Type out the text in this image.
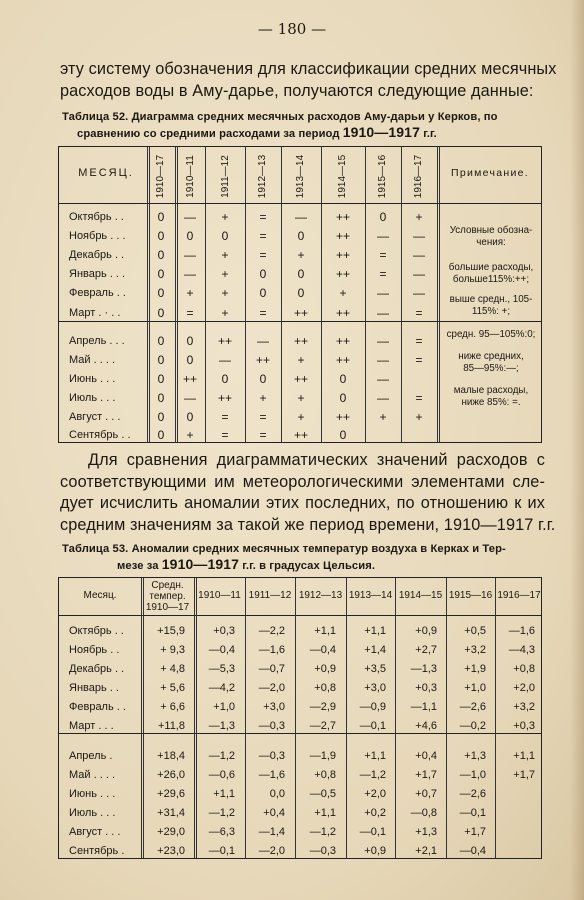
— 180 —
эту систему обозначения для классификации средних месячных
расходов воды в Аму-дарье, получаются следующие данные:
Таблица 52. Диаграмма средних месячных расходов Аму-дарьи у Керков, по
сравнению со средними расходами за период 1910—1917 г.г.
МЕСЯЦ.	Примечание.
1910—17 1910—11 1911—12	1912—13	1913—14	1914—15	1915—16	1916—17
Октябрь . .	0	—	+	=	—	++	0	+
Ноябрь . . .	0	0	0	=	0	++	—	—
Декабрь . .	0	—	+	=	+	++	=	—
Январь . . .	0	—	+	0	0	++	=	—
Февраль . .	0	+	+	0	0	+	—	—
Март . · . .	0	=	+	=	++	++	—	=
Апрель . . .	0	0	++	—	++	++	—	=
Май . . . .	0	0	—	++	+	++	—	=
Июнь . . .	0	++	0	0	++	0	—
Июль . . .	0	—	++	+	+	0	—	=
Август . . .	0	0	=	=	+	++	+	+
Сентябрь . .	0	+	=	=	++	0
Условные обозна-
чения:
большие расходы,
больше115%:++;
выше средн., 105-
115%: +;
средн. 95—105%:0;
ниже средних,
85—95%:—;
малые расходы,
ниже 85%: =.
Для сравнения диаграмматических значений расходов с
соответствующими им метеорологическими элементами сле-
дует исчислить аномалии этих последних, по отношению к их
средним значениям за такой же период времени, 1910—1917 г.г.
Таблица 53. Аномалии средних месячных температур воздуха в Керках и Тер-
мезе за 1910—1917 г.г. в градусах Цельсия.
Месяц.
Средн.
темпер.
1910—17
1910—11 1911—12 1912—13 1913—14 1914—15 1915—16 1916—17
Октябрь . .	+15,9	+0,3 —2,2	+1,1	+1,1	+0,9 +0,5 —1,6
Ноябрь . .	+ 9,3 —0,4 —1,6 —0,4	+1,4	+2,7 +3,2 —4,3
Декабрь . .	+ 4,8 —5,3 —0,7	+0,9	+3,5 —1,3 +1,9 +0,8
Январь . .	+ 5,6 —4,2 —2,0	+0,8	+3,0	+0,3 +1,0 +2,0
Февраль . .	+ 6,6	+1,0	+3,0 —2,9 —0,9 —1,1 —2,6 +3,2
Март . . .	+11,8 —1,3 —0,3 —2,7 —0,1	+4,6 —0,2 +0,3
Апрель .	+18,4 —1,2 —0,3 —1,9	+1,1	+0,4 +1,3 +1,1
Май . . . .	+26,0 —0,6 —1,6	+0,8 —1,2	+1,7 —1,0 +1,7
Июнь . . .	+29,6	+1,1	0,0 —0,5	+2,0	+0,7 —2,6
Июль . . .	+31,4 —1,2	+0,4	+1,1	+0,2 —0,8 —0,1
Август . . .	+29,0 —6,3 —1,4 —1,2 —0,1	+1,3 +1,7
Сентябрь .	+23,0 —0,1 —2,0 —0,3	+0,9	+2,1 —0,4
